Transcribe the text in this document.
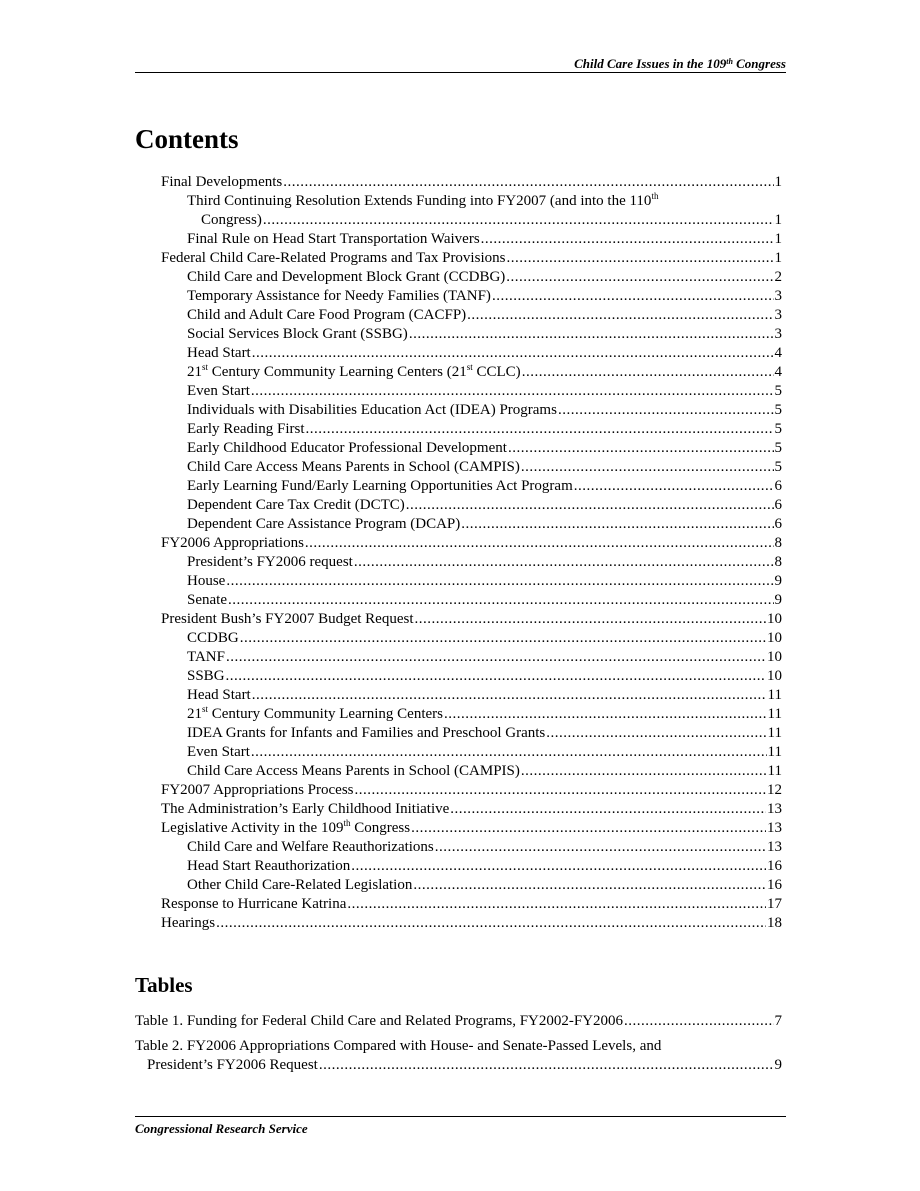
Child Care Issues in the 109th Congress
Contents
Final Developments .....	1
Third Continuing Resolution Extends Funding into FY2007 (and into the 110th
Congress) .....	1
Final Rule on Head Start Transportation Waivers .....	1
Federal Child Care-Related Programs and Tax Provisions .....	1
Child Care and Development Block Grant (CCDBG) .....	2
Temporary Assistance for Needy Families (TANF) .....	3
Child and Adult Care Food Program (CACFP) .....	3
Social Services Block Grant (SSBG) .....	3
Head Start .....	4
21st Century Community Learning Centers (21st CCLC) .....	4
Even Start .....	5
Individuals with Disabilities Education Act (IDEA) Programs .....	5
Early Reading First .....	5
Early Childhood Educator Professional Development .....	5
Child Care Access Means Parents in School (CAMPIS) .....	5
Early Learning Fund/Early Learning Opportunities Act Program .....	6
Dependent Care Tax Credit (DCTC) .....	6
Dependent Care Assistance Program (DCAP) .....	6
FY2006 Appropriations .....	8
President’s FY2006 request .....	8
House .....	9
Senate .....	9
President Bush’s FY2007 Budget Request .....	10
CCDBG .....	10
TANF .....	10
SSBG .....	10
Head Start .....	11
21st Century Community Learning Centers .....	11
IDEA Grants for Infants and Families and Preschool Grants .....	11
Even Start .....	11
Child Care Access Means Parents in School (CAMPIS) .....	11
FY2007 Appropriations Process .....	12
The Administration’s Early Childhood Initiative .....	13
Legislative Activity in the 109th Congress .....	13
Child Care and Welfare Reauthorizations .....	13
Head Start Reauthorization .....	16
Other Child Care-Related Legislation .....	16
Response to Hurricane Katrina .....	17
Hearings .....	18
Tables
Table 1. Funding for Federal Child Care and Related Programs, FY2002-FY2006 .....	7
Table 2. FY2006 Appropriations Compared with House- and Senate-Passed Levels, and
President’s FY2006 Request .....	9
Congressional Research Service
